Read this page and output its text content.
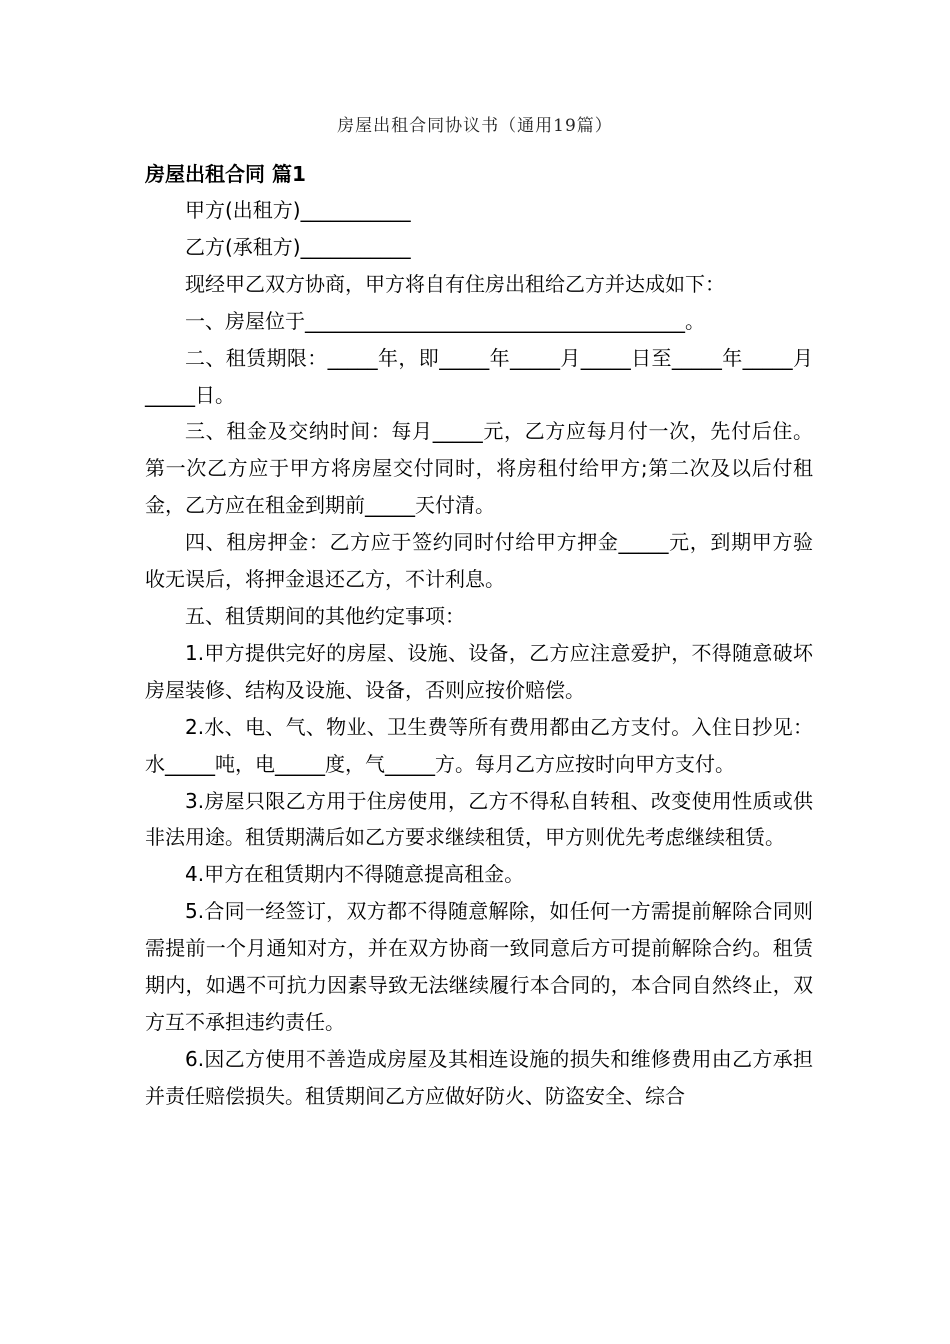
房屋出租合同协议书（通用19篇）

房屋出租合同 篇1

甲方(出租方)___________

乙方(承租方)___________

现经甲乙双方协商，甲方将自有住房出租给乙方并达成如下：

一、房屋位于______________________________________。

二、租赁期限：_____年，即_____年_____月_____日至_____年_____月_____日。

三、租金及交纳时间：每月_____元，乙方应每月付一次，先付后住。第一次乙方应于甲方将房屋交付同时，将房租付给甲方;第二次及以后付租金，乙方应在租金到期前_____天付清。

四、租房押金：乙方应于签约同时付给甲方押金_____元，到期甲方验收无误后，将押金退还乙方，不计利息。

五、租赁期间的其他约定事项：

1.甲方提供完好的房屋、设施、设备，乙方应注意爱护，不得随意破坏房屋装修、结构及设施、设备，否则应按价赔偿。

2.水、电、气、物业、卫生费等所有费用都由乙方支付。入住日抄见：水_____吨，电_____度，气_____方。每月乙方应按时向甲方支付。

3.房屋只限乙方用于住房使用，乙方不得私自转租、改变使用性质或供非法用途。租赁期满后如乙方要求继续租赁，甲方则优先考虑继续租赁。

4.甲方在租赁期内不得随意提高租金。

5.合同一经签订，双方都不得随意解除，如任何一方需提前解除合同则需提前一个月通知对方，并在双方协商一致同意后方可提前解除合约。租赁期内，如遇不可抗力因素导致无法继续履行本合同的，本合同自然终止，双方互不承担违约责任。

6.因乙方使用不善造成房屋及其相连设施的损失和维修费用由乙方承担并责任赔偿损失。租赁期间乙方应做好防火、防盗安全、综合
